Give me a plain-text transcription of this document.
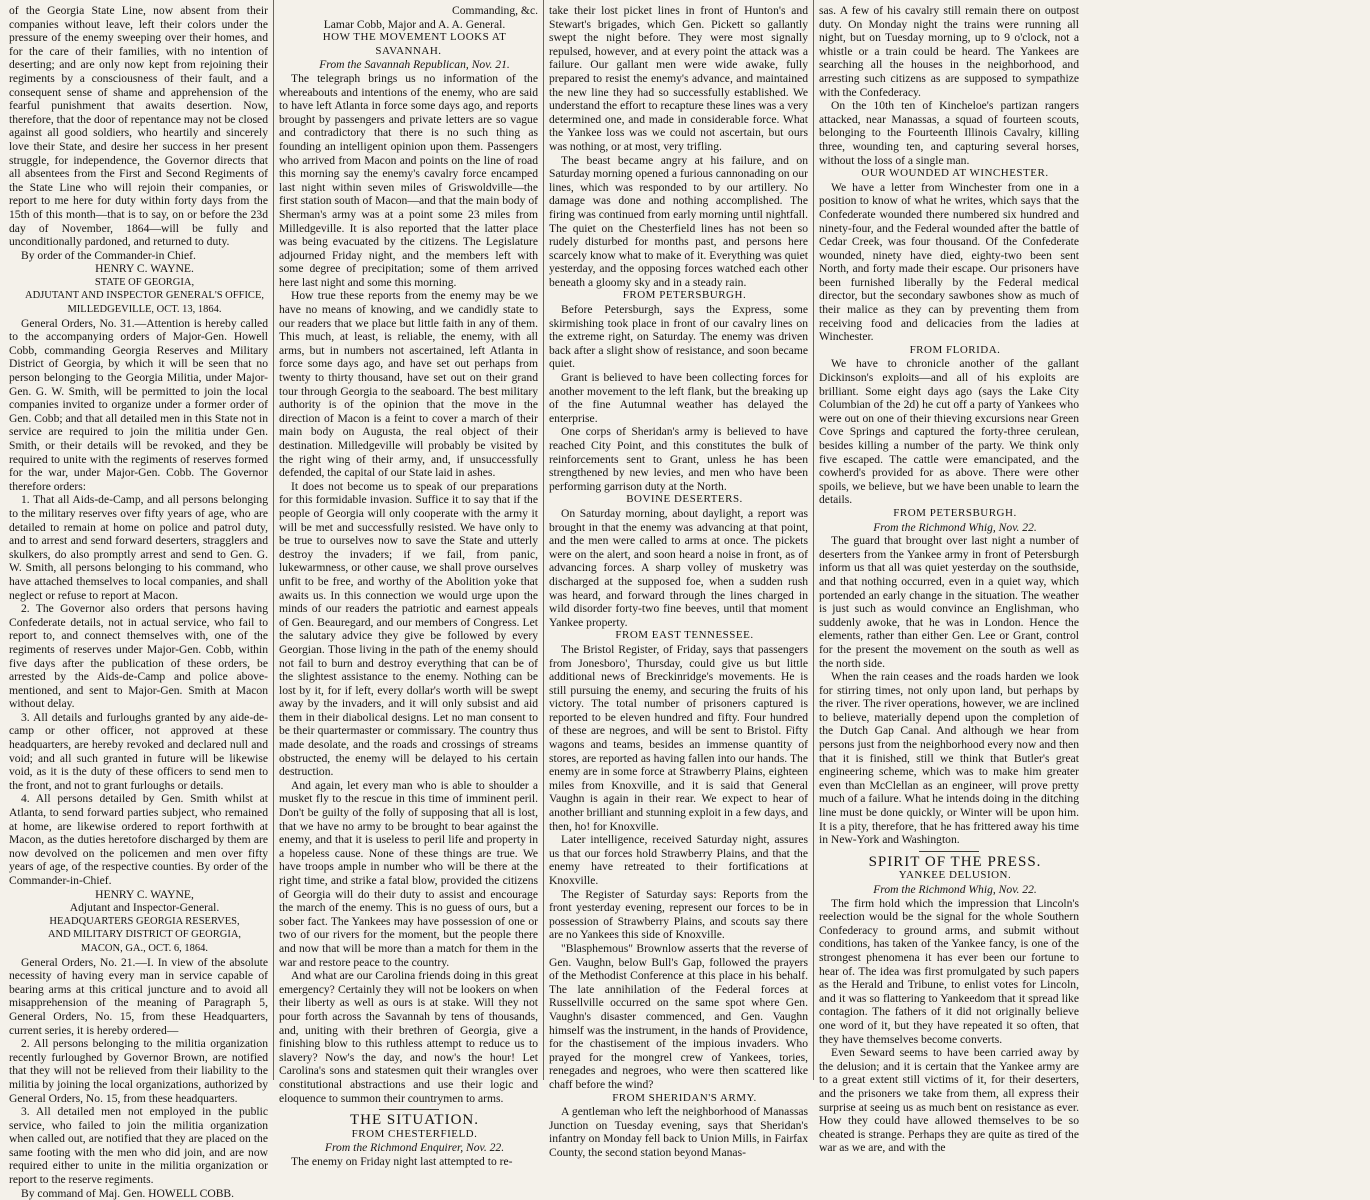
of the Georgia State Line, now absent from their companies without leave, left their colors under the pressure of the enemy sweeping over their homes, and for the care of their families, with no intention of deserting; and are only now kept from rejoining their regiments by a consciousness of their fault, and a consequent sense of shame and apprehension of the fearful punishment that awaits desertion. Now, therefore, that the door of repentance may not be closed against all good soldiers, who heartily and sincerely love their State, and desire her success in her present struggle, for independence, the Governor directs that all absentees from the First and Second Regiments of the State Line who will rejoin their companies, or report to me here for duty within forty days from the 15th of this month—that is to say, on or before the 23d day of November, 1864—will be fully and unconditionally pardoned, and returned to duty.

By order of the Commander-in Chief.

HENRY C. WAYNE.

STATE OF GEORGIA,

ADJUTANT AND INSPECTOR GENERAL'S OFFICE,

MILLEDGEVILLE, OCT. 13, 1864.

General Orders, No. 31.—Attention is hereby called to the accompanying orders of Major-Gen. Howell Cobb, commanding Georgia Reserves and Military District of Georgia, by which it will be seen that no person belonging to the Georgia Militia, under Major-Gen. G. W. Smith, will be permitted to join the local companies invited to organize under a former order of Gen. Cobb; and that all detailed men in this State not in service are required to join the militia under Gen. Smith, or their details will be revoked, and they be required to unite with the regiments of reserves formed for the war, under Major-Gen. Cobb. The Governor therefore orders:

1. That all Aids-de-Camp, and all persons belonging to the military reserves over fifty years of age, who are detailed to remain at home on police and patrol duty, and to arrest and send forward deserters, stragglers and skulkers, do also promptly arrest and send to Gen. G. W. Smith, all persons belonging to his command, who have attached themselves to local companies, and shall neglect or refuse to report at Macon.

2. The Governor also orders that persons having Confederate details, not in actual service, who fail to report to, and connect themselves with, one of the regiments of reserves under Major-Gen. Cobb, within five days after the publication of these orders, be arrested by the Aids-de-Camp and police above-mentioned, and sent to Major-Gen. Smith at Macon without delay.

3. All details and furloughs granted by any aide-de-camp or other officer, not approved at these headquarters, are hereby revoked and declared null and void; and all such granted in future will be likewise void, as it is the duty of these officers to send men to the front, and not to grant furloughs or details.

4. All persons detailed by Gen. Smith whilst at Atlanta, to send forward parties subject, who remained at home, are likewise ordered to report forthwith at Macon, as the duties heretofore discharged by them are now devolved on the policemen and men over fifty years of age, of the respective counties. By order of the Commander-in-Chief.

HENRY C. WAYNE,

Adjutant and Inspector-General.

HEADQUARTERS GEORGIA RESERVES,

AND MILITARY DISTRICT OF GEORGIA,

MACON, GA., OCT. 6, 1864.

General Orders, No. 21.—I. In view of the absolute necessity of having every man in service capable of bearing arms at this critical juncture and to avoid all misapprehension of the meaning of Paragraph 5, General Orders, No. 15, from these Headquarters, current series, it is hereby ordered—

2. All persons belonging to the militia organization recently furloughed by Governor Brown, are notified that they will not be relieved from their liability to the militia by joining the local organizations, authorized by General Orders, No. 15, from these headquarters.

3. All detailed men not employed in the public service, who failed to join the militia organization when called out, are notified that they are placed on the same footing with the men who did join, and are now required either to unite in the militia organization or report to the reserve regiments.

By command of Maj. Gen. HOWELL COBB.

Commanding, &c.

Lamar Cobb, Major and A. A. General.

HOW THE MOVEMENT LOOKS AT SAVANNAH.

From the Savannah Republican, Nov. 21.

The telegraph brings us no information of the whereabouts and intentions of the enemy, who are said to have left Atlanta in force some days ago, and reports brought by passengers and private letters are so vague and contradictory that there is no such thing as founding an intelligent opinion upon them. Passengers who arrived from Macon and points on the line of road this morning say the enemy's cavalry force encamped last night within seven miles of Griswoldville—the first station south of Macon—and that the main body of Sherman's army was at a point some 23 miles from Milledgeville. It is also reported that the latter place was being evacuated by the citizens. The Legislature adjourned Friday night, and the members left with some degree of precipitation; some of them arrived here last night and some this morning.

How true these reports from the enemy may be we have no means of knowing, and we candidly state to our readers that we place but little faith in any of them. This much, at least, is reliable, the enemy, with all arms, but in numbers not ascertained, left Atlanta in force some days ago, and have set out perhaps from twenty to thirty thousand, have set out on their grand tour through Georgia to the seaboard. The best military authority is of the opinion that the move in the direction of Macon is a feint to cover a march of their main body on Augusta, the real object of their destination. Milledgeville will probably be visited by the right wing of their army, and, if unsuccessfully defended, the capital of our State laid in ashes.

It does not become us to speak of our preparations for this formidable invasion. Suffice it to say that if the people of Georgia will only cooperate with the army it will be met and successfully resisted. We have only to be true to ourselves now to save the State and utterly destroy the invaders; if we fail, from panic, lukewarmness, or other cause, we shall prove ourselves unfit to be free, and worthy of the Abolition yoke that awaits us. In this connection we would urge upon the minds of our readers the patriotic and earnest appeals of Gen. Beauregard, and our members of Congress. Let the salutary advice they give be followed by every Georgian. Those living in the path of the enemy should not fail to burn and destroy everything that can be of the slightest assistance to the enemy. Nothing can be lost by it, for if left, every dollar's worth will be swept away by the invaders, and it will only subsist and aid them in their diabolical designs. Let no man consent to be their quartermaster or commissary. The country thus made desolate, and the roads and crossings of streams obstructed, the enemy will be delayed to his certain destruction.

And again, let every man who is able to shoulder a musket fly to the rescue in this time of imminent peril. Don't be guilty of the folly of supposing that all is lost, that we have no army to be brought to bear against the enemy, and that it is useless to peril life and property in a hopeless cause. None of these things are true. We have troops ample in number who will be there at the right time, and strike a fatal blow, provided the citizens of Georgia will do their duty to assist and encourage the march of the enemy. This is no guess of ours, but a sober fact. The Yankees may have possession of one or two of our rivers for the moment, but the people there and now that will be more than a match for them in the war and restore peace to the country.

And what are our Carolina friends doing in this great emergency? Certainly they will not be lookers on when their liberty as well as ours is at stake. Will they not pour forth across the Savannah by tens of thousands, and, uniting with their brethren of Georgia, give a finishing blow to this ruthless attempt to reduce us to slavery? Now's the day, and now's the hour! Let Carolina's sons and statesmen quit their wrangles over constitutional abstractions and use their logic and eloquence to summon their countrymen to arms.

THE SITUATION.

FROM CHESTERFIELD.

From the Richmond Enquirer, Nov. 22.

The enemy on Friday night last attempted to re-

take their lost picket lines in front of Hunton's and Stewart's brigades, which Gen. Pickett so gallantly swept the night before. They were most signally repulsed, however, and at every point the attack was a failure. Our gallant men were wide awake, fully prepared to resist the enemy's advance, and maintained the new line they had so successfully established. We understand the effort to recapture these lines was a very determined one, and made in considerable force. What the Yankee loss was we could not ascertain, but ours was nothing, or at most, very trifling.

The beast became angry at his failure, and on Saturday morning opened a furious cannonading on our lines, which was responded to by our artillery. No damage was done and nothing accomplished. The firing was continued from early morning until nightfall. The quiet on the Chesterfield lines has not been so rudely disturbed for months past, and persons here scarcely know what to make of it. Everything was quiet yesterday, and the opposing forces watched each other beneath a gloomy sky and in a steady rain.

FROM PETERSBURGH.

Before Petersburgh, says the Express, some skirmishing took place in front of our cavalry lines on the extreme right, on Saturday. The enemy was driven back after a slight show of resistance, and soon became quiet.

Grant is believed to have been collecting forces for another movement to the left flank, but the breaking up of the fine Autumnal weather has delayed the enterprise.

One corps of Sheridan's army is believed to have reached City Point, and this constitutes the bulk of reinforcements sent to Grant, unless he has been strengthened by new levies, and men who have been performing garrison duty at the North.

BOVINE DESERTERS.

On Saturday morning, about daylight, a report was brought in that the enemy was advancing at that point, and the men were called to arms at once. The pickets were on the alert, and soon heard a noise in front, as of advancing forces. A sharp volley of musketry was discharged at the supposed foe, when a sudden rush was heard, and forward through the lines charged in wild disorder forty-two fine beeves, until that moment Yankee property.

FROM EAST TENNESSEE.

The Bristol Register, of Friday, says that passengers from Jonesboro', Thursday, could give us but little additional news of Breckinridge's movements. He is still pursuing the enemy, and securing the fruits of his victory. The total number of prisoners captured is reported to be eleven hundred and fifty. Four hundred of these are negroes, and will be sent to Bristol. Fifty wagons and teams, besides an immense quantity of stores, are reported as having fallen into our hands. The enemy are in some force at Strawberry Plains, eighteen miles from Knoxville, and it is said that General Vaughn is again in their rear. We expect to hear of another brilliant and stunning exploit in a few days, and then, ho! for Knoxville.

Later intelligence, received Saturday night, assures us that our forces hold Strawberry Plains, and that the enemy have retreated to their fortifications at Knoxville.

The Register of Saturday says: Reports from the front yesterday evening, represent our forces to be in possession of Strawberry Plains, and scouts say there are no Yankees this side of Knoxville.

"Blasphemous" Brownlow asserts that the reverse of Gen. Vaughn, below Bull's Gap, followed the prayers of the Methodist Conference at this place in his behalf. The late annihilation of the Federal forces at Russellville occurred on the same spot where Gen. Vaughn's disaster commenced, and Gen. Vaughn himself was the instrument, in the hands of Providence, for the chastisement of the impious invaders. Who prayed for the mongrel crew of Yankees, tories, renegades and negroes, who were then scattered like chaff before the wind?

FROM SHERIDAN'S ARMY.

A gentleman who left the neighborhood of Manassas Junction on Tuesday evening, says that Sheridan's infantry on Monday fell back to Union Mills, in Fairfax County, the second station beyond Manas-

sas. A few of his cavalry still remain there on outpost duty. On Monday night the trains were running all night, but on Tuesday morning, up to 9 o'clock, not a whistle or a train could be heard. The Yankees are searching all the houses in the neighborhood, and arresting such citizens as are supposed to sympathize with the Confederacy.

On the 10th ten of Kincheloe's partizan rangers attacked, near Manassas, a squad of fourteen scouts, belonging to the Fourteenth Illinois Cavalry, killing three, wounding ten, and capturing several horses, without the loss of a single man.

OUR WOUNDED AT WINCHESTER.

We have a letter from Winchester from one in a position to know of what he writes, which says that the Confederate wounded there numbered six hundred and ninety-four, and the Federal wounded after the battle of Cedar Creek, was four thousand. Of the Confederate wounded, ninety have died, eighty-two been sent North, and forty made their escape. Our prisoners have been furnished liberally by the Federal medical director, but the secondary sawbones show as much of their malice as they can by preventing them from receiving food and delicacies from the ladies at Winchester.

FROM FLORIDA.

We have to chronicle another of the gallant Dickinson's exploits—and all of his exploits are brilliant. Some eight days ago (says the Lake City Columbian of the 2d) he cut off a party of Yankees who were out on one of their thieving excursions near Green Cove Springs and captured the forty-three cerulean, besides killing a number of the party. We think only five escaped. The cattle were emancipated, and the cowherd's provided for as above. There were other spoils, we believe, but we have been unable to learn the details.

FROM PETERSBURGH.

From the Richmond Whig, Nov. 22.

The guard that brought over last night a number of deserters from the Yankee army in front of Petersburgh inform us that all was quiet yesterday on the southside, and that nothing occurred, even in a quiet way, which portended an early change in the situation. The weather is just such as would convince an Englishman, who suddenly awoke, that he was in London. Hence the elements, rather than either Gen. Lee or Grant, control for the present the movement on the south as well as the north side.

When the rain ceases and the roads harden we look for stirring times, not only upon land, but perhaps by the river. The river operations, however, we are inclined to believe, materially depend upon the completion of the Dutch Gap Canal. And although we hear from persons just from the neighborhood every now and then that it is finished, still we think that Butler's great engineering scheme, which was to make him greater even than McClellan as an engineer, will prove pretty much of a failure. What he intends doing in the ditching line must be done quickly, or Winter will be upon him. It is a pity, therefore, that he has frittered away his time in New-York and Washington.

SPIRIT OF THE PRESS.

YANKEE DELUSION.

From the Richmond Whig, Nov. 22.

The firm hold which the impression that Lincoln's reelection would be the signal for the whole Southern Confederacy to ground arms, and submit without conditions, has taken of the Yankee fancy, is one of the strongest phenomena it has ever been our fortune to hear of. The idea was first promulgated by such papers as the Herald and Tribune, to enlist votes for Lincoln, and it was so flattering to Yankeedom that it spread like contagion. The fathers of it did not originally believe one word of it, but they have repeated it so often, that they have themselves become converts.

Even Seward seems to have been carried away by the delusion; and it is certain that the Yankee army are to a great extent still victims of it, for their deserters, and the prisoners we take from them, all express their surprise at seeing us as much bent on resistance as ever. How they could have allowed themselves to be so cheated is strange. Perhaps they are quite as tired of the war as we are, and with the
